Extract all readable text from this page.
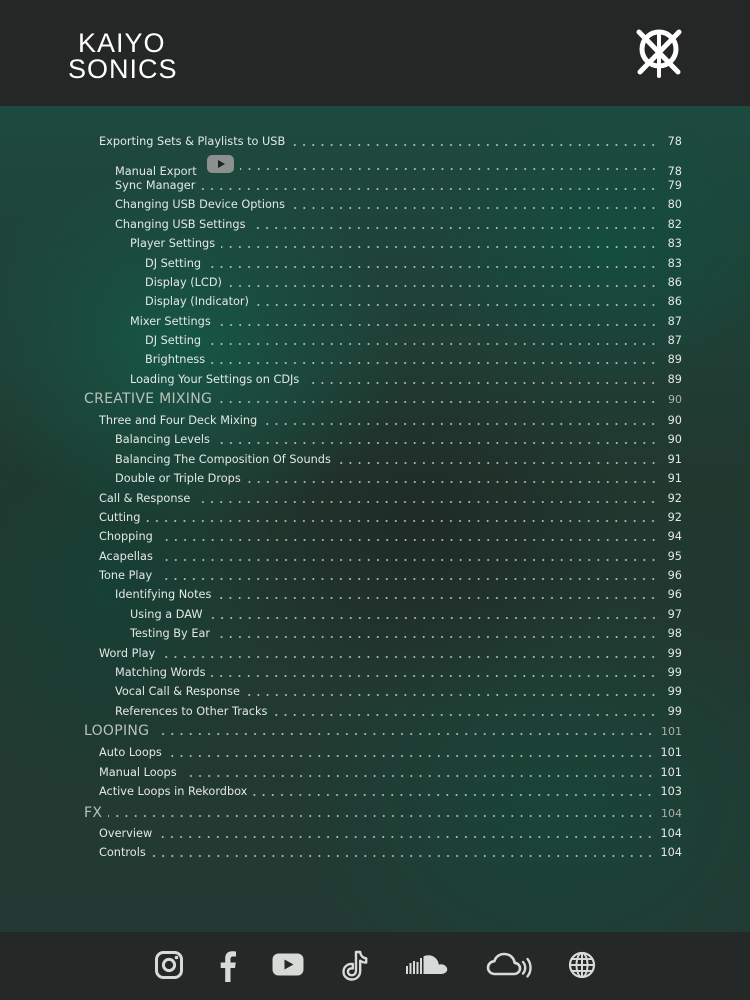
KAIYO
SONICS
Exporting Sets & Playlists to USB	78
Manual Export	78
Sync Manager	79
Changing USB Device Options	80
Changing USB Settings	82
Player Settings	83
DJ Setting	83
Display (LCD)	86
Display (Indicator)	86
Mixer Settings	87
DJ Setting	87
Brightness	89
Loading Your Settings on CDJs	89
CREATIVE MIXING	90
Three and Four Deck Mixing	90
Balancing Levels	90
Balancing The Composition Of Sounds	91
Double or Triple Drops	91
Call & Response	92
Cutting	92
Chopping	94
Acapellas	95
Tone Play	96
Identifying Notes	96
Using a DAW	97
Testing By Ear	98
Word Play	99
Matching Words	99
Vocal Call & Response	99
References to Other Tracks	99
LOOPING	101
Auto Loops	101
Manual Loops	101
Active Loops in Rekordbox	103
FX	104
Overview	104
Controls	104
